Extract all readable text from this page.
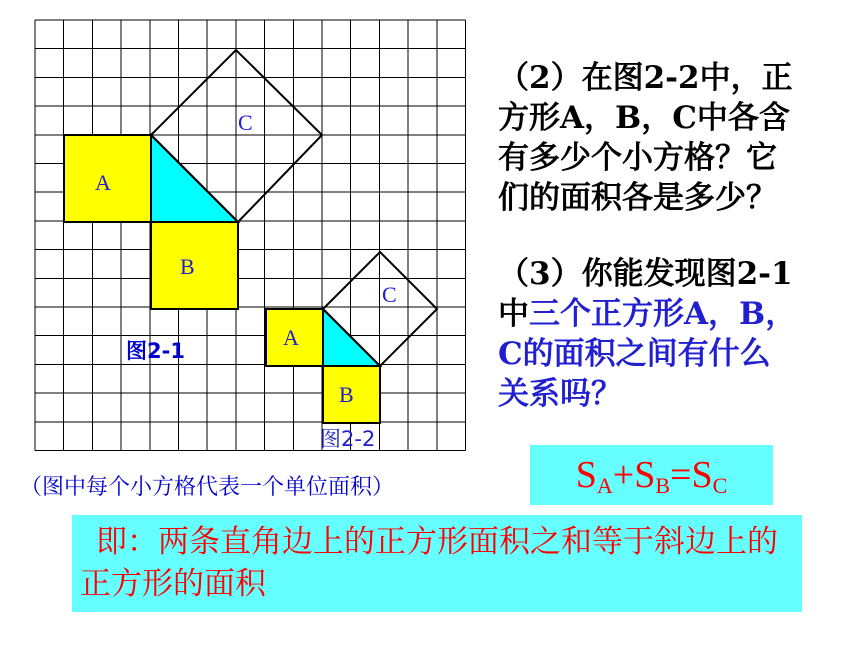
A
B
C
图2-1
A
B
C
图2-2
（2）在图2-2中，正
方形A，B，C中各含
有多少个小方格？它
们的面积各是多少？
（3）你能发现图2-1
中三个正方形A，B，
C的面积之间有什么
关系吗？
（图中每个小方格代表一个单位面积）	$S_A+S_B=S_C$
即：两条直角边上的正方形面积之和等于斜边上的正方形的面积
